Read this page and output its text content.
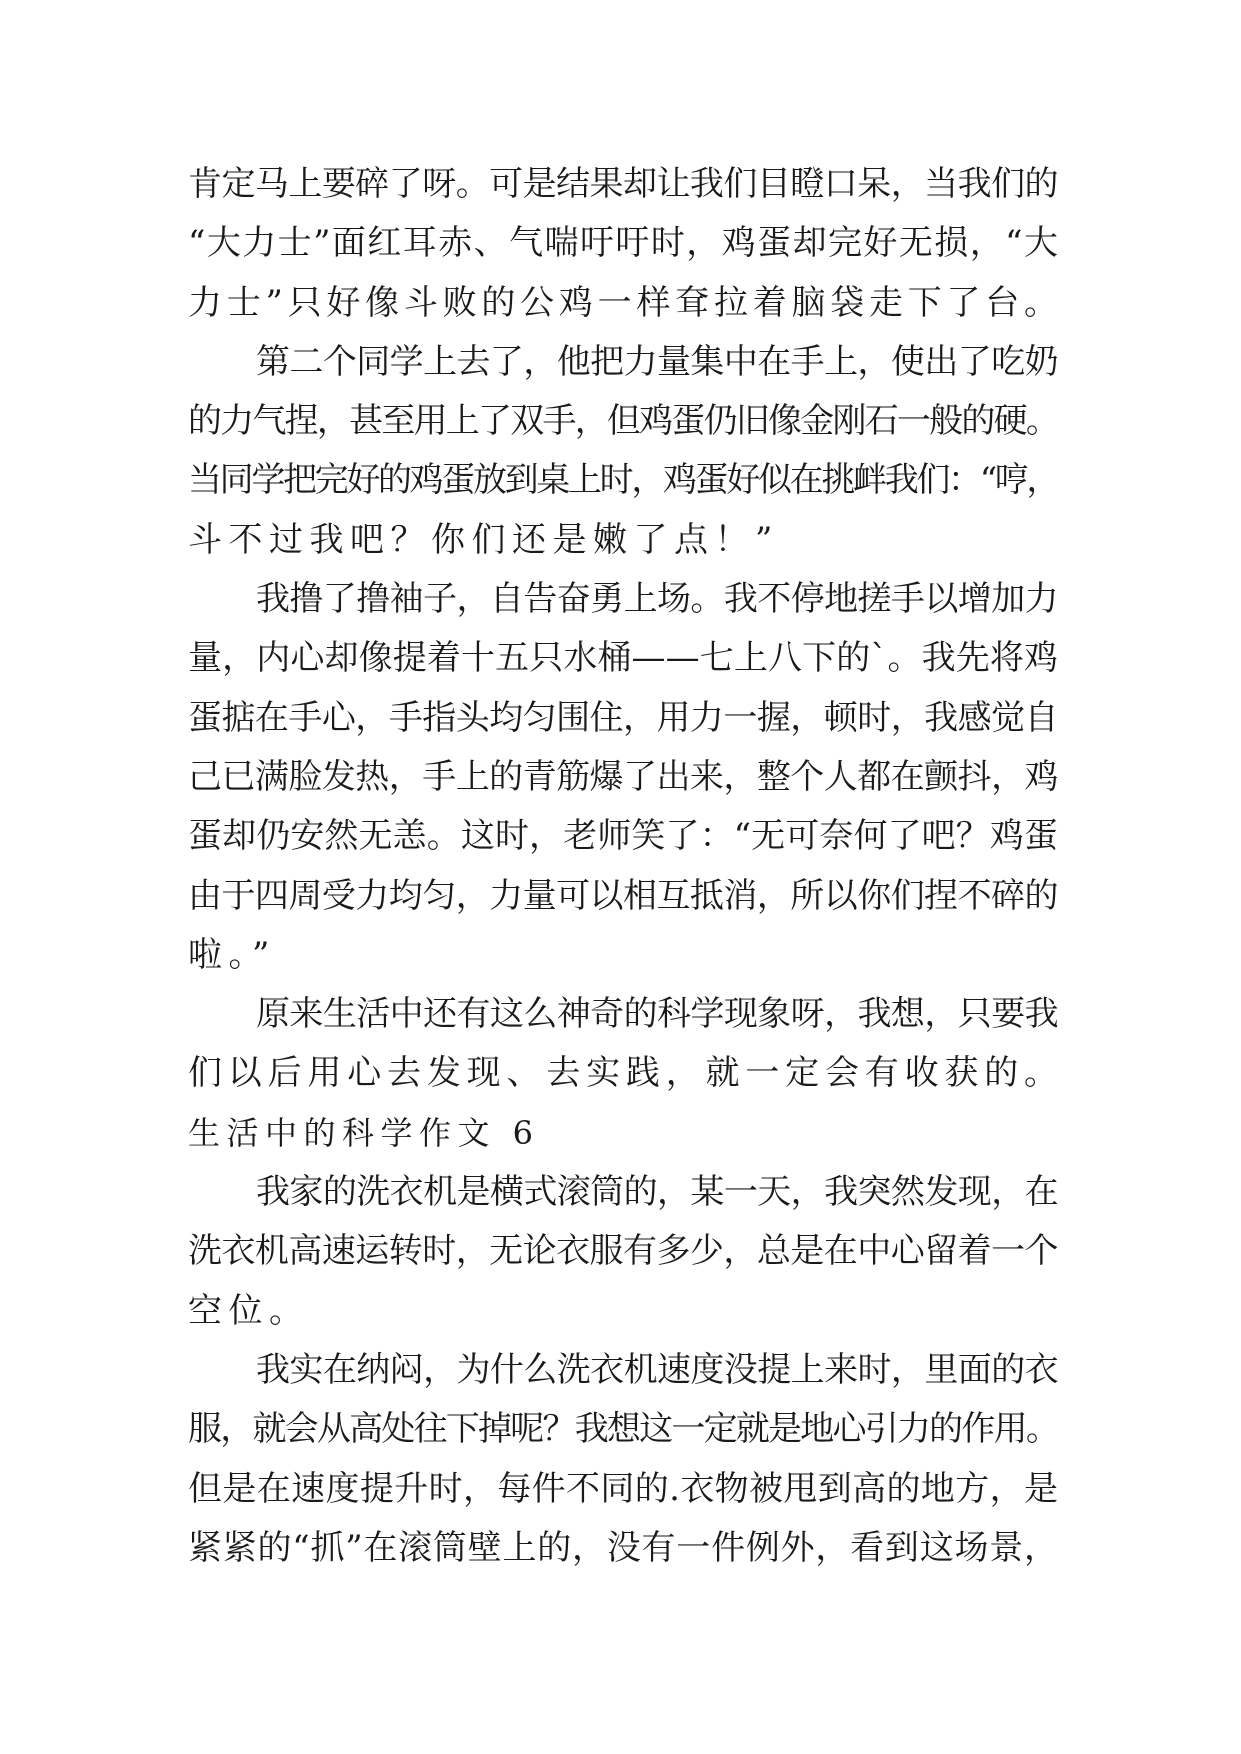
肯定马上要碎了呀。可是结果却让我们目瞪口呆，当我们的
“大力士”面红耳赤、气喘吁吁时，鸡蛋却完好无损，“大
力士”只好像斗败的公鸡一样耷拉着脑袋走下了台。
第二个同学上去了，他把力量集中在手上，使出了吃奶
的力气捏，甚至用上了双手，但鸡蛋仍旧像金刚石一般的硬。
当同学把完好的鸡蛋放到桌上时，鸡蛋好似在挑衅我们：“哼，
斗不过我吧？你们还是嫩了点！”
我撸了撸袖子，自告奋勇上场。我不停地搓手以增加力
量，内心却像提着十五只水桶——七上八下的`。我先将鸡
蛋掂在手心，手指头均匀围住，用力一握，顿时，我感觉自
己已满脸发热，手上的青筋爆了出来，整个人都在颤抖，鸡
蛋却仍安然无恙。这时，老师笑了：“无可奈何了吧？鸡蛋
由于四周受力均匀，力量可以相互抵消，所以你们捏不碎的
啦。”
原来生活中还有这么神奇的科学现象呀，我想，只要我
们以后用心去发现、去实践，就一定会有收获的。
生活中的科学作文 6
我家的洗衣机是横式滚筒的，某一天，我突然发现，在
洗衣机高速运转时，无论衣服有多少，总是在中心留着一个
空位。
我实在纳闷，为什么洗衣机速度没提上来时，里面的衣
服，就会从高处往下掉呢？我想这一定就是地心引力的作用。
但是在速度提升时，每件不同的.衣物被甩到高的地方，是
紧紧的“抓”在滚筒壁上的，没有一件例外，看到这场景，
